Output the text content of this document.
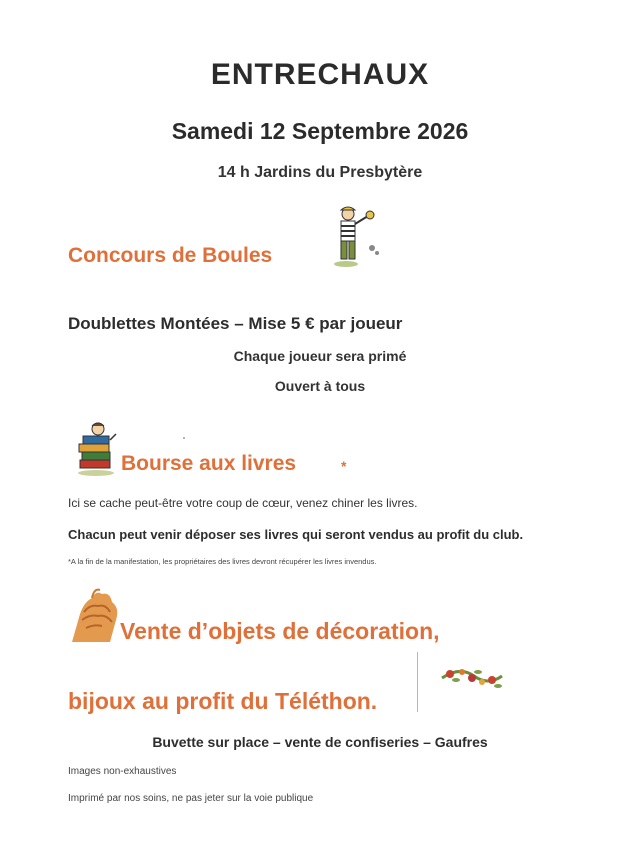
ENTRECHAUX
Samedi 12 Septembre 2026
14 h Jardins du Presbytère
Concours de Boules
Doublettes Montées – Mise 5 € par joueur
Chaque joueur sera primé
Ouvert à tous
Bourse aux livres	*
Ici se cache peut-être votre coup de cœur, venez chiner les livres.
Chacun peut venir déposer ses livres qui seront vendus au profit du club.
*A la fin de la manifestation, les propriétaires des livres devront récupérer les livres invendus.
Vente d’objets de décoration,
bijoux au profit du Téléthon.
Buvette sur place – vente de confiseries – Gaufres
Images non-exhaustives
Imprimé par nos soins, ne pas jeter sur la voie publique
